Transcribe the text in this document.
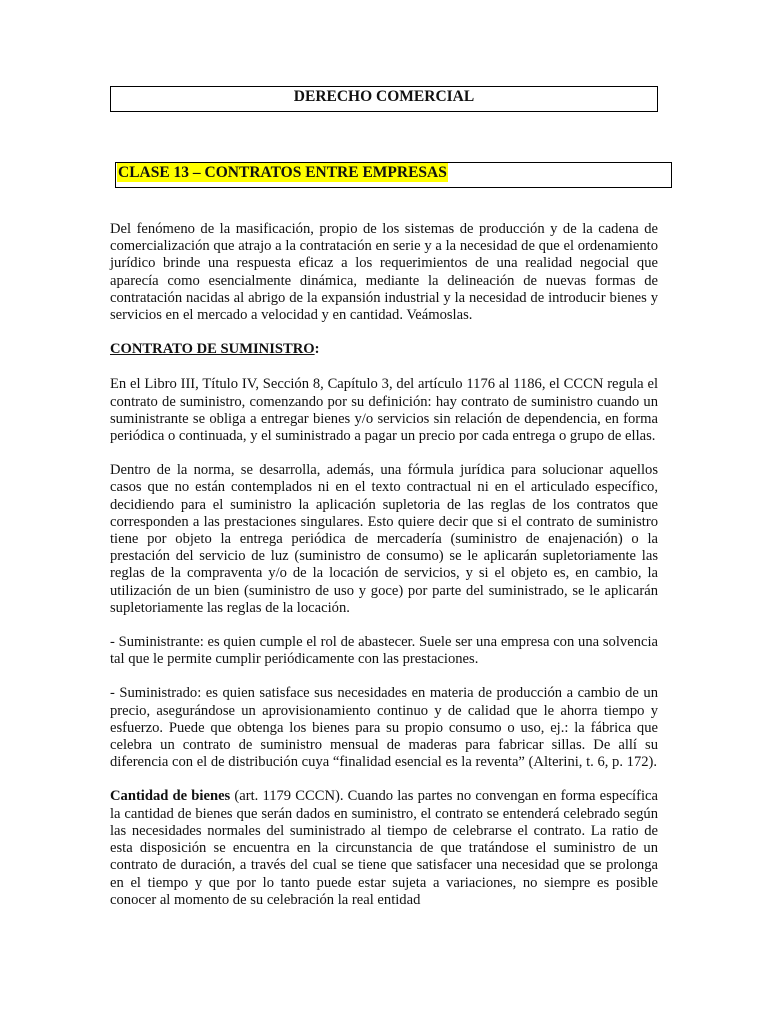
DERECHO COMERCIAL
CLASE 13 – CONTRATOS ENTRE EMPRESAS

Del fenómeno de la masificación, propio de los sistemas de producción y de la cadena de comercialización que atrajo a la contratación en serie y a la necesidad de que el ordenamiento jurídico brinde una respuesta eficaz a los requerimientos de una realidad negocial que aparecía como esencialmente dinámica, mediante la delineación de nuevas formas de contratación nacidas al abrigo de la expansión industrial y la necesidad de introducir bienes y servicios en el mercado a velocidad y en cantidad. Veámoslas.

CONTRATO DE SUMINISTRO:

En el Libro III, Título IV, Sección 8, Capítulo 3, del artículo 1176 al 1186, el CCCN regula el contrato de suministro, comenzando por su definición: hay contrato de suministro cuando un suministrante se obliga a entregar bienes y/o servicios sin relación de dependencia, en forma periódica o continuada, y el suministrado a pagar un precio por cada entrega o grupo de ellas.

Dentro de la norma, se desarrolla, además, una fórmula jurídica para solucionar aquellos casos que no están contemplados ni en el texto contractual ni en el articulado específico, decidiendo para el suministro la aplicación supletoria de las reglas de los contratos que corresponden a las prestaciones singulares. Esto quiere decir que si el contrato de suministro tiene por objeto la entrega periódica de mercadería (suministro de enajenación) o la prestación del servicio de luz (suministro de consumo) se le aplicarán supletoriamente las reglas de la compraventa y/o de la locación de servicios, y si el objeto es, en cambio, la utilización de un bien (suministro de uso y goce) por parte del suministrado, se le aplicarán supletoriamente las reglas de la locación.

- Suministrante: es quien cumple el rol de abastecer. Suele ser una empresa con una solvencia tal que le permite cumplir periódicamente con las prestaciones.

- Suministrado: es quien satisface sus necesidades en materia de producción a cambio de un precio, asegurándose un aprovisionamiento continuo y de calidad que le ahorra tiempo y esfuerzo. Puede que obtenga los bienes para su propio consumo o uso, ej.: la fábrica que celebra un contrato de suministro mensual de maderas para fabricar sillas. De allí su diferencia con el de distribución cuya “finalidad esencial es la reventa” (Alterini, t. 6, p. 172).

Cantidad de bienes (art. 1179 CCCN). Cuando las partes no convengan en forma específica la cantidad de bienes que serán dados en suministro, el contrato se entenderá celebrado según las necesidades normales del suministrado al tiempo de celebrarse el contrato. La ratio de esta disposición se encuentra en la circunstancia de que tratándose el suministro de un contrato de duración, a través del cual se tiene que satisfacer una necesidad que se prolonga en el tiempo y que por lo tanto puede estar sujeta a variaciones, no siempre es posible conocer al momento de su celebración la real entidad
